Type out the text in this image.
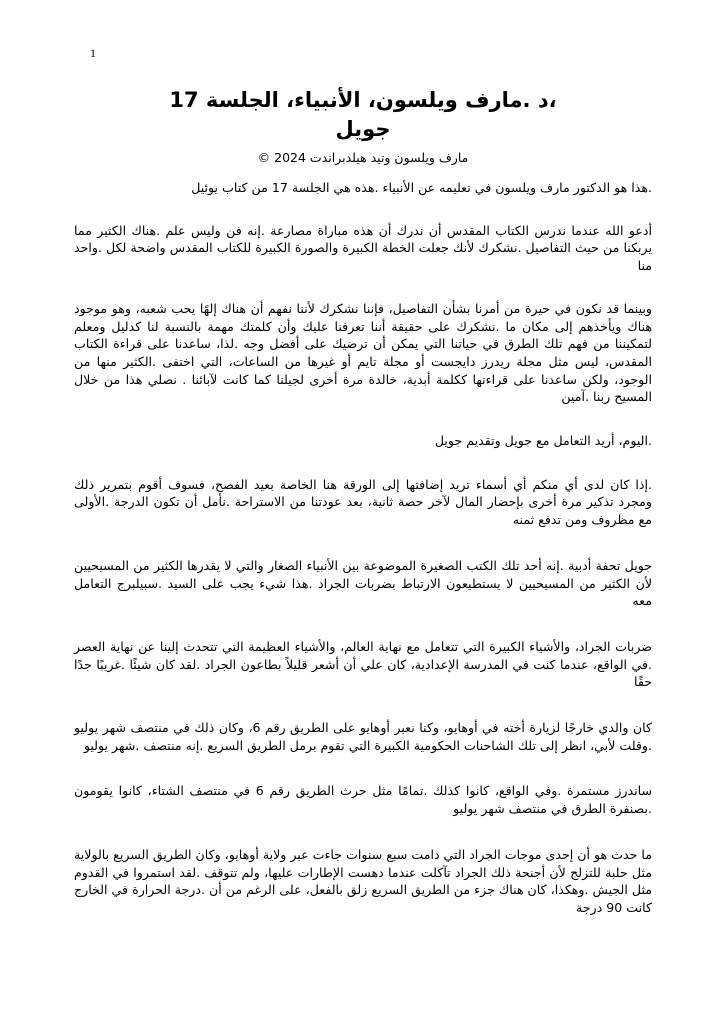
1
،د .مارف ويلسون، الأنبياء، الجلسة 17
جويل

مارف ويلسون وتيد هيلدبراندت 2024 ©

.هذا هو الدكتور مارف ويلسون في تعليمه عن الأنبياء .هذه هي الجلسة 17 من كتاب يوئيل

أدعو الله عندما ندرس الكتاب المقدس أن ندرك أن هذه مباراة مصارعة .إنه فن وليس علم .هناك الكثير مما يربكنا من حيث التفاصيل .نشكرك لأنك جعلت الخطة الكبيرة والصورة الكبيرة للكتاب المقدس واضحة لكل .واحد منا

وبينما قد نكون في حيرة من أمرنا بشأن التفاصيل، فإننا نشكرك لأننا نفهم أن هناك إلهًا يحب شعبه، وهو موجود هناك ويأخذهم إلى مكان ما .نشكرك على حقيقة أننا تعرفنا عليك وأن كلمتك مهمة بالنسبة لنا كدليل ومعلم لتمكيننا من فهم تلك الطرق في حياتنا التي يمكن أن ترضيك على أفضل وجه .لذا، ساعدنا على قراءة الكتاب المقدس، ليس مثل مجلة ريدرز دايجست أو مجلة تايم أو غيرها من الساعات، التي اختفى .الكثير منها من الوجود، ولكن ساعدنا على قراءتها ككلمة أبدية، خالدة مرة أخرى لجيلنا كما كانت لآبائنا . نصلي هذا من خلال المسيح ربنا .آمين

.اليوم، أريد التعامل مع جويل وتقديم جويل

.إذا كان لدى أي منكم أي أسماء تريد إضافتها إلى الورقة هنا الخاصة بعيد الفصح، فسوف أقوم بتمرير ذلك ومجرد تذكير مرة أخرى بإحضار المال لآخر حصة ثانية، بعد عودتنا من الاستراحة .نأمل أن تكون الدرجة .الأولى مع مظروف ومن تدفع ثمنه

جويل تحفة أدبية .إنه أحد تلك الكتب الصغيرة الموضوعة بين الأنبياء الصغار والتي لا يقدرها الكثير من المسيحيين لأن الكثير من المسيحيين لا يستطيعون الارتباط بضربات الجراد .هذا شيء يجب على السيد .سبيلبرج التعامل معه

ضربات الجراد، والأشياء الكبيرة التي تتعامل مع نهاية العالم، والأشياء العظيمة التي تتحدث إلينا عن نهاية العصر .في الواقع، عندما كنت في المدرسة الإعدادية، كان علي أن أشعر قليلاً بطاعون الجراد .لقد كان شيئًا .غريبًا جدًا حقًا

كان والدي خارجًا لزيارة أخته في أوهايو، وكنا نعبر أوهايو على الطريق رقم 6، وكان ذلك في منتصف شهر يوليو .وقلت لأبي، انظر إلى تلك الشاحنات الحكومية الكبيرة التي تقوم برمل الطريق السريع .إنه منتصف .شهر يوليو

ساندرز مستمرة .وفي الواقع، كانوا كذلك .تمامًا مثل حرث الطريق رقم 6 في منتصف الشتاء، كانوا يقومون .بصنفرة الطرق في منتصف شهر يوليو

ما حدث هو أن إحدى موجات الجراد التي دامت سبع سنوات جاءت عبر ولاية أوهايو، وكان الطريق السريع بالولاية مثل حلبة للتزلج لأن أجنحة ذلك الجراد تآكلت عندما دهست الإطارات عليها، ولم تتوقف .لقد استمروا في القدوم مثل الجيش .وهكذا، كان هناك جزء من الطريق السريع زلق بالفعل، على الرغم من أن .درجة الحرارة في الخارج كانت 90 درجة
